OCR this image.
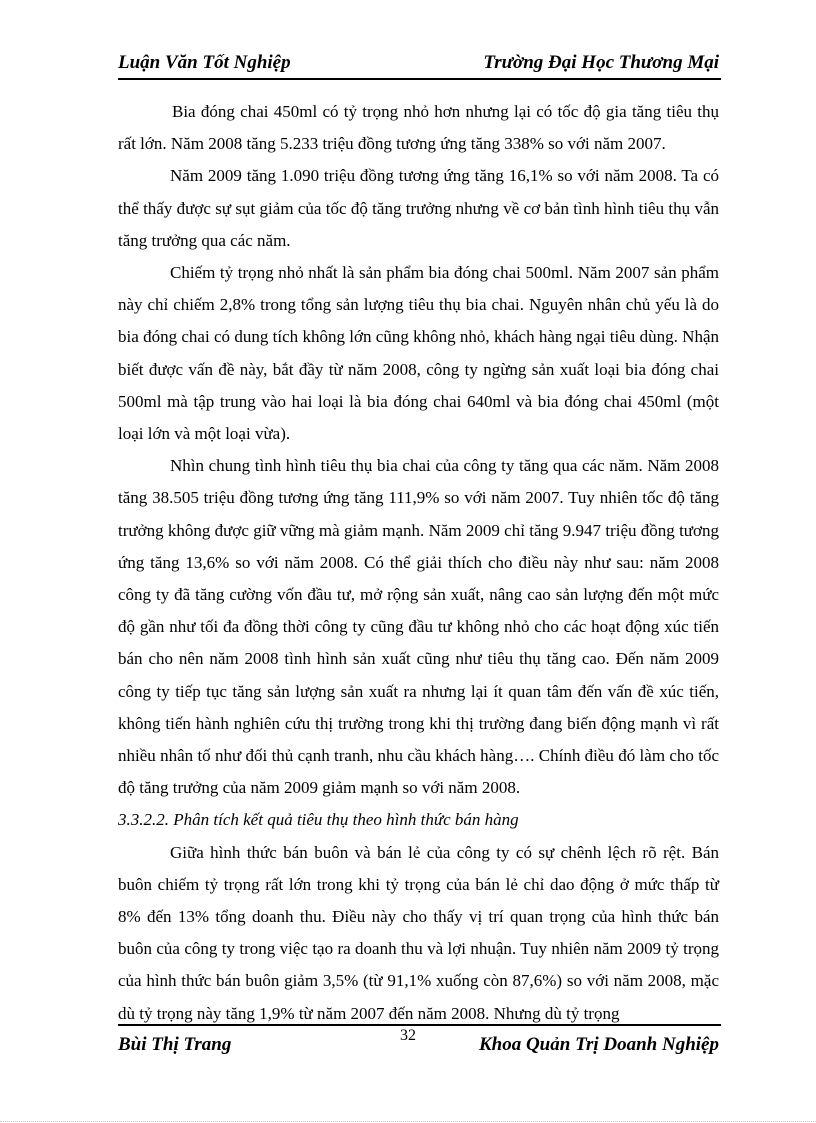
Luận Văn Tốt Nghiệp	Trường Đại Học Thương Mại

Bia đóng chai 450ml có tỷ trọng nhỏ hơn nhưng lại có tốc độ gia tăng tiêu thụ rất lớn. Năm 2008 tăng 5.233 triệu đồng tương ứng tăng 338% so với năm 2007.

Năm 2009 tăng 1.090 triệu đồng tương ứng tăng 16,1% so với năm 2008. Ta có thể thấy được sự sụt giảm của tốc độ tăng trưởng nhưng về cơ bản tình hình tiêu thụ vẫn tăng trưởng qua các năm.

Chiếm tỷ trọng nhỏ nhất là sản phẩm bia đóng chai 500ml. Năm 2007 sản phẩm này chỉ chiếm 2,8% trong tổng sản lượng tiêu thụ bia chai. Nguyên nhân chủ yếu là do bia đóng chai có dung tích không lớn cũng không nhỏ, khách hàng ngại tiêu dùng. Nhận biết được vấn đề này, bắt đầy từ năm 2008, công ty ngừng sản xuất loại bia đóng chai 500ml mà tập trung vào hai loại là bia đóng chai 640ml và bia đóng chai 450ml (một loại lớn và một loại vừa).

Nhìn chung tình hình tiêu thụ bia chai của công ty tăng qua các năm. Năm 2008 tăng 38.505 triệu đồng tương ứng tăng 111,9% so với năm 2007. Tuy nhiên tốc độ tăng trưởng không được giữ vững mà giảm mạnh. Năm 2009 chỉ tăng 9.947 triệu đồng tương ứng tăng 13,6% so với năm 2008. Có thể giải thích cho điều này như sau: năm 2008 công ty đã tăng cường vốn đầu tư, mở rộng sản xuất, nâng cao sản lượng đến một mức độ gần như tối đa đồng thời công ty cũng đầu tư không nhỏ cho các hoạt động xúc tiến bán cho nên năm 2008 tình hình sản xuất cũng như tiêu thụ tăng cao. Đến năm 2009 công ty tiếp tục tăng sản lượng sản xuất ra nhưng lại ít quan tâm đến vấn đề xúc tiến, không tiến hành nghiên cứu thị trường trong khi thị trường đang biến động mạnh vì rất nhiều nhân tố như đối thủ cạnh tranh, nhu cầu khách hàng…. Chính điều đó làm cho tốc độ tăng trưởng của năm 2009 giảm mạnh so với năm 2008.

3.3.2.2. Phân tích kết quả tiêu thụ theo hình thức bán hàng

Giữa hình thức bán buôn và bán lẻ của công ty có sự chênh lệch rõ rệt. Bán buôn chiếm tỷ trọng rất lớn trong khi tỷ trọng của bán lẻ chỉ dao động ở mức thấp từ 8% đến 13% tổng doanh thu. Điều này cho thấy vị trí quan trọng của hình thức bán buôn của công ty trong việc tạo ra doanh thu và lợi nhuận. Tuy nhiên năm 2009 tỷ trọng của hình thức bán buôn giảm 3,5% (từ 91,1% xuống còn 87,6%) so với năm 2008, mặc dù tỷ trọng này tăng 1,9% từ năm 2007 đến năm 2008. Nhưng dù tỷ trọng

Bùi Thị Trang	32	Khoa Quản Trị Doanh Nghiệp
